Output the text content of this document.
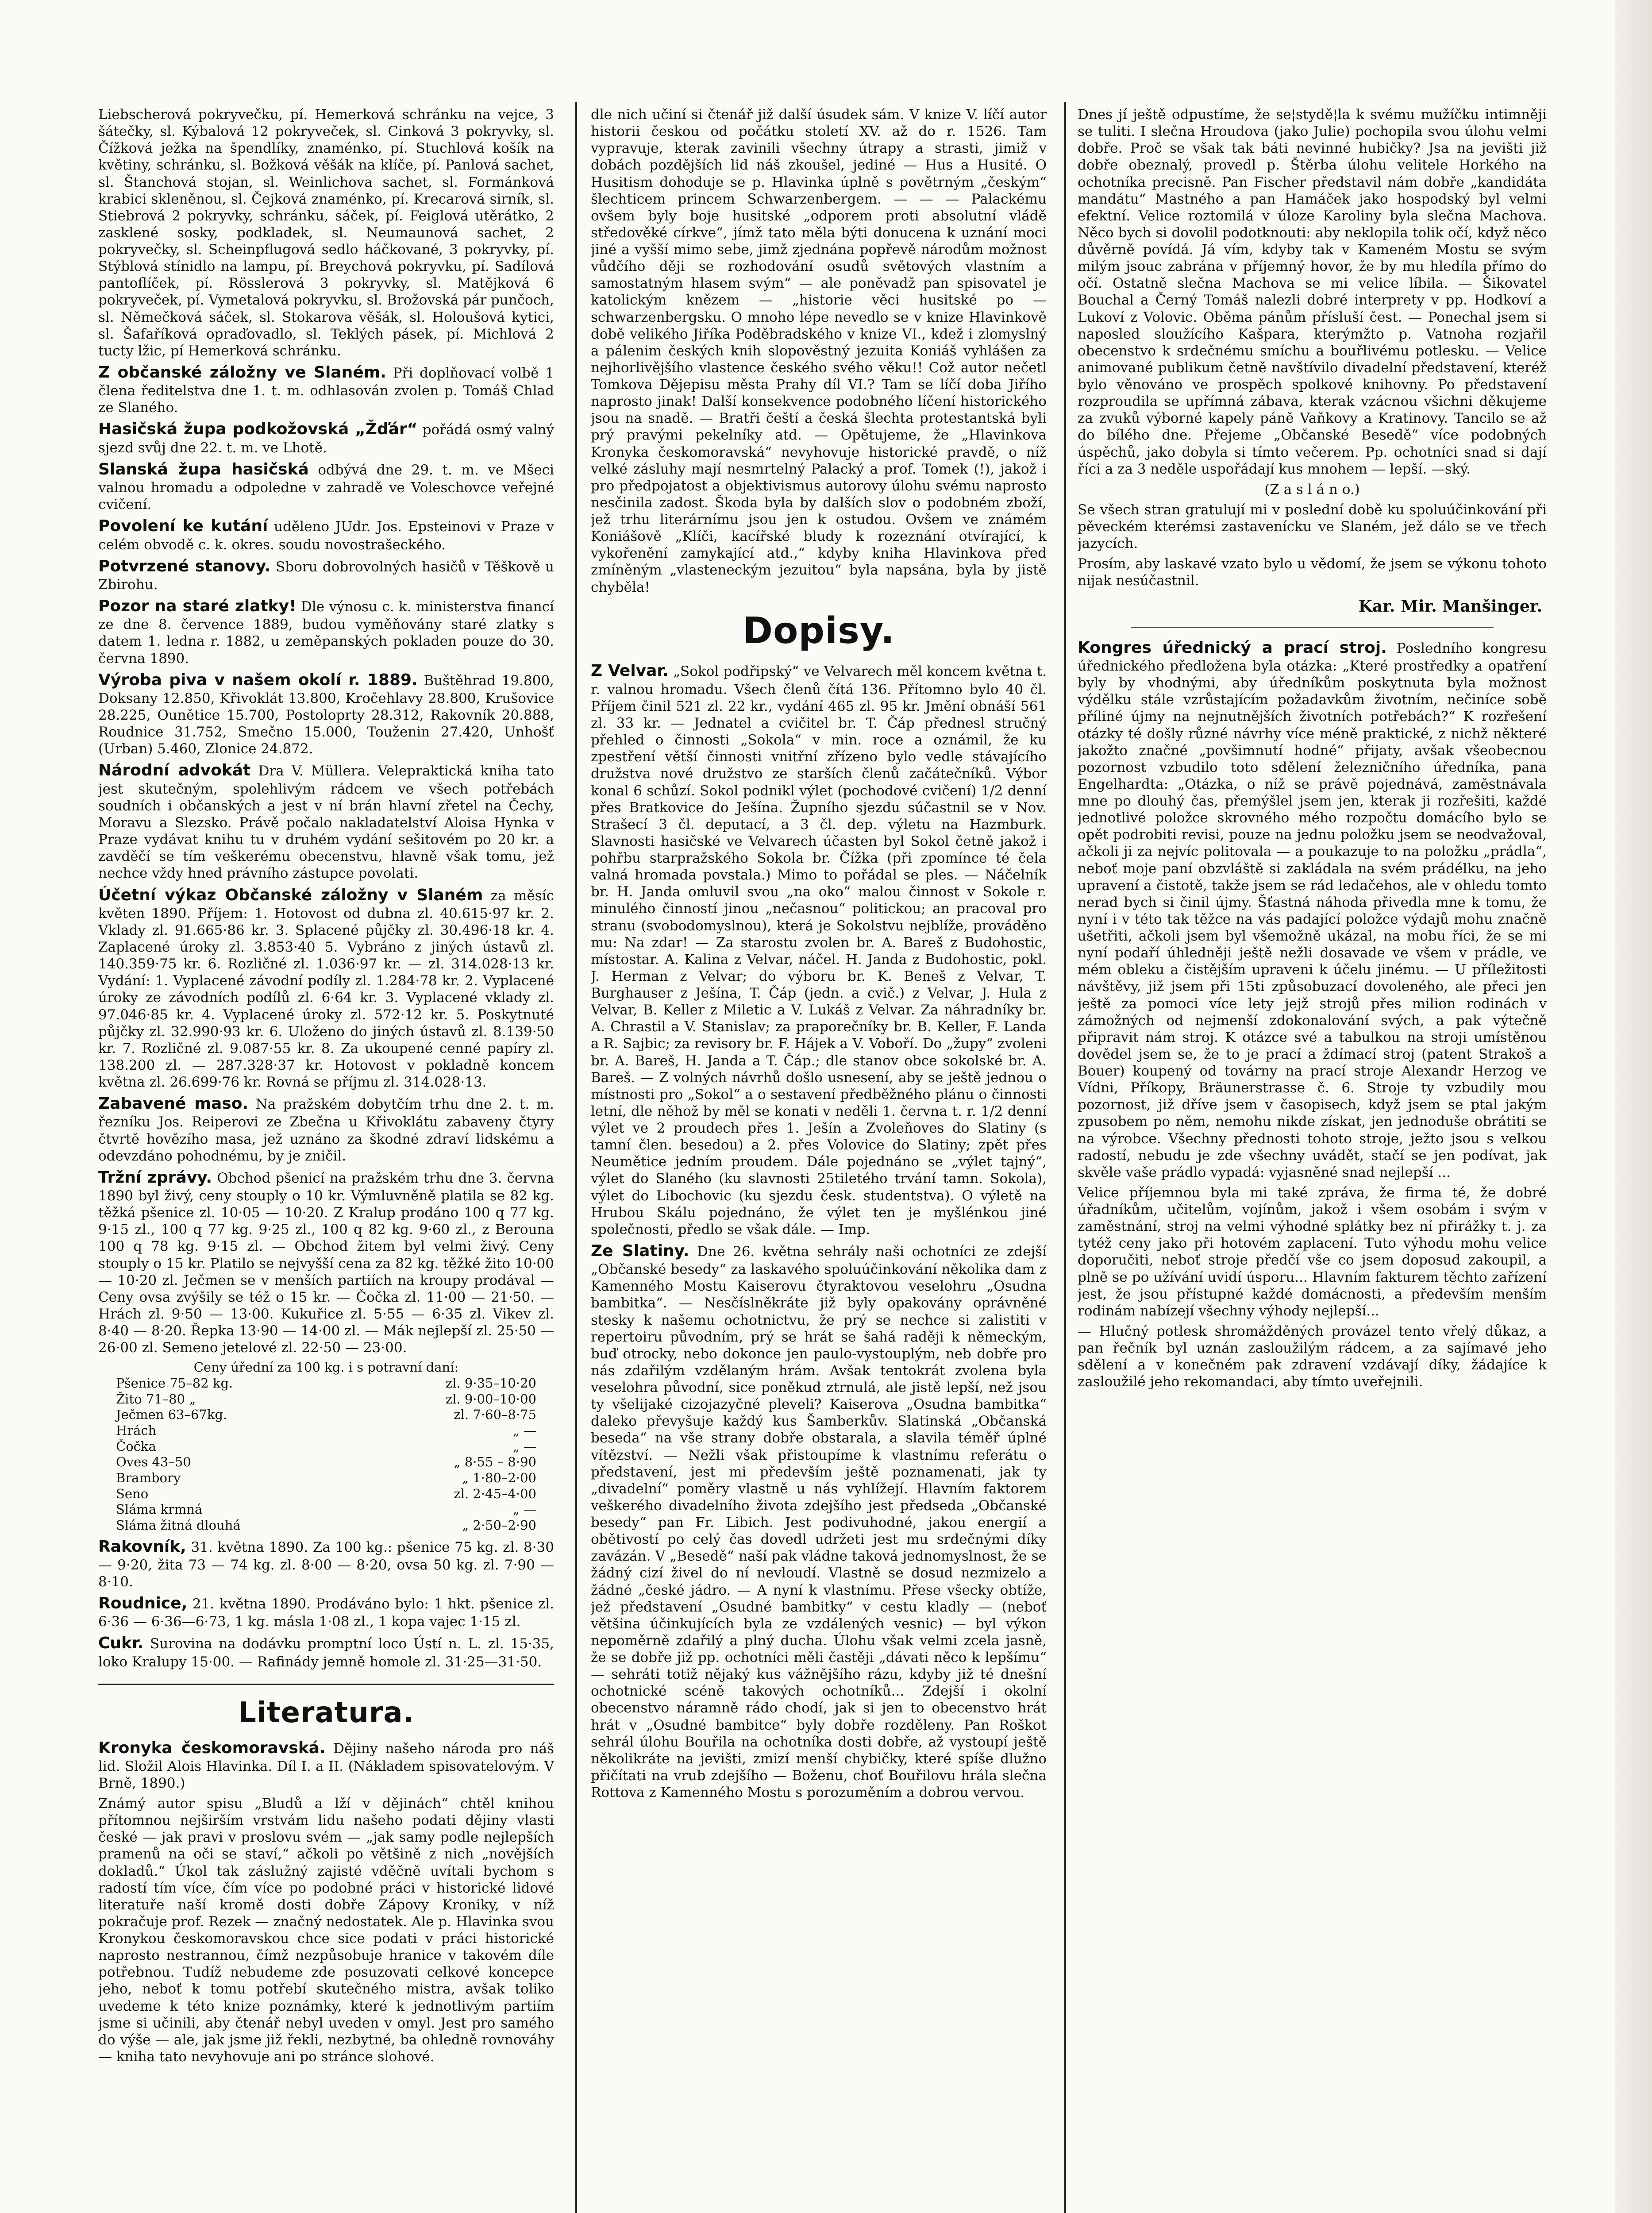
Liebscherová pokryvečku, pí. Hemerková schránku na vejce, 3 šátečky, sl. Kýbalová 12 pokryveček, sl. Cinková 3 pokryvky, sl. Čížková ježka na špendlíky, znaménko, pí. Stuchlová košík na květiny, schránku, sl. Božková věšák na klíče, pí. Panlová sachet, sl. Štanchová stojan, sl. Weinlichova sachet, sl. Formánková krabici skleněnou, sl. Čejková znaménko, pí. Krecarová sirník, sl. Stiebrová 2 pokryvky, schránku, sáček, pí. Feiglová utěrátko, 2 zasklené sosky, podkladek, sl. Neumaunová sachet, 2 pokryvečky, sl. Scheinpflugová sedlo háčkované, 3 pokryvky, pí. Stýblová stínidlo na lampu, pí. Breychová pokryvku, pí. Sadílová pantoflíček, pí. Rösslerová 3 pokryvky, sl. Matějková 6 pokryveček, pí. Vymetalová pokryvku, sl. Brožovská pár punčoch, sl. Němečková sáček, sl. Stokarova věšák, sl. Holoušová kytici, sl. Šafaříková opraďovadlo, sl. Teklých pásek, pí. Michlová 2 tucty lžic, pí Hemerková schránku.

Z občanské záložny ve Slaném. Při doplňovací volbě 1 člena ředitelstva dne 1. t. m. odhlasován zvolen p. Tomáš Chlad ze Slaného.

Hasičská župa podkožovská „Žďár“ pořádá osmý valný sjezd svůj dne 22. t. m. ve Lhotě.

Slanská župa hasičská odbývá dne 29. t. m. ve Mšeci valnou hromadu a odpoledne v zahradě ve Voleschovce veřejné cvičení.

Povolení ke kutání uděleno JUdr. Jos. Epsteinovi v Praze v celém obvodě c. k. okres. soudu novostrašeckého.

Potvrzené stanovy. Sboru dobrovolných hasičů v Těškově u Zbirohu.

Pozor na staré zlatky! Dle výnosu c. k. ministerstva financí ze dne 8. července 1889, budou vyměňovány staré zlatky s datem 1. ledna r. 1882, u zeměpanských pokladen pouze do 30. června 1890.

Výroba piva v našem okolí r. 1889. Buštěhrad 19.800, Doksany 12.850, Křivoklát 13.800, Kročehlavy 28.800, Krušovice 28.225, Ounětice 15.700, Postoloprty 28.312, Rakovník 20.888, Roudnice 31.752, Smečno 15.000, Touženin 27.420, Unhošť (Urban) 5.460, Zlonice 24.872.

Národní advokát Dra V. Müllera. Velepraktická kniha tato jest skutečným, spolehlivým rádcem ve všech potřebách soudních i občanských a jest v ní brán hlavní zřetel na Čechy, Moravu a Slezsko. Právě počalo nakladatelství Aloisa Hynka v Praze vydávat knihu tu v druhém vydání sešitovém po 20 kr. a zavděčí se tím veškerému obecenstvu, hlavně však tomu, jež nechce vždy hned právního zástupce povolati.

Účetní výkaz Občanské záložny v Slaném za měsíc květen 1890. Příjem: 1. Hotovost od dubna zl. 40.615·97 kr. 2. Vklady zl. 91.665·86 kr. 3. Splacené půjčky zl. 30.496·18 kr. 4. Zaplacené úroky zl. 3.853·40 5. Vybráno z jiných ústavů zl. 140.359·75 kr. 6. Rozličné zl. 1.036·97 kr. — zl. 314.028·13 kr. Vydání: 1. Vyplacené závodní podíly zl. 1.284·78 kr. 2. Vyplacené úroky ze závodních podílů zl. 6·64 kr. 3. Vyplacené vklady zl. 97.046·85 kr. 4. Vyplacené úroky zl. 572·12 kr. 5. Poskytnuté půjčky zl. 32.990·93 kr. 6. Uloženo do jiných ústavů zl. 8.139·50 kr. 7. Rozličné zl. 9.087·55 kr. 8. Za ukoupené cenné papíry zl. 138.200 zl. — 287.328·37 kr. Hotovost v pokladně koncem května zl. 26.699·76 kr. Rovná se příjmu zl. 314.028·13.

Zabavené maso. Na pražském dobytčím trhu dne 2. t. m. řezníku Jos. Reiperovi ze Zbečna u Křivoklátu zabaveny čtyry čtvrtě hovězího masa, jež uznáno za škodné zdraví lidskému a odevzdáno pohodnému, by je zničil.

Tržní zprávy. Obchod pšenicí na pražském trhu dne 3. června 1890 byl živý, ceny stouply o 10 kr. Výmluvněně platila se 82 kg. těžká pšenice zl. 10·05 — 10·20. Z Kralup prodáno 100 q 77 kg. 9·15 zl., 100 q 77 kg. 9·25 zl., 100 q 82 kg. 9·60 zl., z Berouna 100 q 78 kg. 9·15 zl. — Obchod žitem byl velmi živý. Ceny stouply o 15 kr. Platilo se nejvyšší cena za 82 kg. těžké žito 10·00 — 10·20 zl. Ječmen se v menších partiích na kroupy prodával — Ceny ovsa zvýšily se též o 15 kr. — Čočka zl. 11·00 — 21·50. — Hrách zl. 9·50 — 13·00. Kukuřice zl. 5·55 — 6·35 zl. Vikev zl. 8·40 — 8·20. Řepka 13·90 — 14·00 zl. — Mák nejlepší zl. 25·50 — 26·00 zl. Semeno jetelové zl. 22·50 — 23·00.

Ceny úřední za 100 kg. i s potravní daní:
Pšenice 75–82 kg.	zl. 9·35–10·20
Žito 71–80 „	zl. 9·00–10·00
Ječmen 63–67kg.	zl. 7·60–8·75
Hrách	„ —
Čočka	„ —
Oves 43–50	„ 8·55 – 8·90
Brambory	„ 1·80–2·00
Seno	zl. 2·45–4·00
Sláma krmná	„ —
Sláma žitná dlouhá	„ 2·50–2·90

Rakovník, 31. května 1890. Za 100 kg.: pšenice 75 kg. zl. 8·30 — 9·20, žita 73 — 74 kg. zl. 8·00 — 8·20, ovsa 50 kg. zl. 7·90 — 8·10.

Roudnice, 21. května 1890. Prodáváno bylo: 1 hkt. pšenice zl. 6·36 — 6·36—6·73, 1 kg. másla 1·08 zl., 1 kopa vajec 1·15 zl.

Cukr. Surovina na dodávku promptní loco Ústí n. L. zl. 15·35, loko Kralupy 15·00. — Rafinády jemně homole zl. 31·25—31·50.

Literatura.

Kronyka českomoravská. Dějiny našeho národa pro náš lid. Složil Alois Hlavinka. Díl I. a II. (Nákladem spisovatelovým. V Brně, 1890.)

Známý autor spisu „Bludů a lží v dějinách“ chtěl knihou přítomnou nejširším vrstvám lidu našeho podati dějiny vlasti české — jak pravi v proslovu svém — „jak samy podle nejlepších pramenů na oči se staví,“ ačkoli po většině z nich „novějších dokladů.“ Úkol tak záslužný zajisté vděčně uvítali bychom s radostí tím více, čím více po podobné práci v historické lidové literatuře naší kromě dosti dobře Zápovy Kroniky, v níž pokračuje prof. Rezek — značný nedostatek. Ale p. Hlavinka svou Kronykou českomoravskou chce sice podati v práci historické naprosto nestrannou, čímž nezpůsobuje hranice v takovém díle potřebnou. Tudíž nebudeme zde posuzovati celkové koncepce jeho, neboť k tomu potřebí skutečného mistra, avšak toliko uvedeme k této knize poznámky, které k jednotlivým partiím jsme si učinili, aby čtenář nebyl uveden v omyl. Jest pro samého do výše — ale, jak jsme již řekli, nezbytné, ba ohledně rovnováhy — kniha tato nevyhovuje ani po stránce slohové.

dle nich učiní si čtenář již další úsudek sám. V knize V. líčí autor historii českou od počátku století XV. až do r. 1526. Tam vypravuje, kterak zavinili všechny útrapy a strasti, jimiž v dobách pozdějších lid náš zkoušel, jediné — Hus a Husité. O Husitism dohoduje se p. Hlavinka úplně s povětrným „českým“ šlechticem princem Schwarzenbergem. — — — Palackému ovšem byly boje husitské „odporem proti absolutní vládě středověké církve“, jímž tato měla býti donucena k uznání moci jiné a vyšší mimo sebe, jimž zjednána popřevě národům možnost vůdčího ději se rozhodování osudů světových vlastním a samostatným hlasem svým“ — ale poněvadž pan spisovatel je katolickým knězem — „historie věci husitské po — schwarzenbergsku. O mnoho lépe nevedlo se v knize Hlavinkově době velikého Jiříka Poděbradského v knize VI., kdež i zlomyslný a pálenim českých knih slopověstný jezuita Koniáš vyhlášen za nejhorlivějšího vlastence českého svého věku!! Což autor nečetl Tomkova Dějepisu města Prahy díl VI.? Tam se líčí doba Jiřího naprosto jinak! Další konsekvence podobného líčení historického jsou na snadě. — Bratři čeští a česká šlechta protestantská byli prý pravými pekelníky atd. — Opětujeme, že „Hlavinkova Kronyka českomoravská“ nevyhovuje historické pravdě, o níž velké zásluhy mají nesmrtelný Palacký a prof. Tomek (!), jakož i pro předpojatost a objektivismus autorovy úlohu svému naprosto nesčinila zadost. Škoda byla by dalších slov o podobném zboží, jež trhu literárnímu jsou jen k ostudou. Ovšem ve známém Koniášově „Klíči, kacířské bludy k rozeznání otvírající, k vykořenění zamykající atd.,“ kdyby kniha Hlavinkova před zmíněným „vlasteneckým jezuitou“ byla napsána, byla by jistě chyběla!

Dopisy.

Z Velvar. „Sokol podřipský“ ve Velvarech měl koncem května t. r. valnou hromadu. Všech členů čítá 136. Přítomno bylo 40 čl. Příjem činil 521 zl. 22 kr., vydání 465 zl. 95 kr. Jmění obnáší 561 zl. 33 kr. — Jednatel a cvičitel br. T. Čáp přednesl stručný přehled o činnosti „Sokola“ v min. roce a oznámil, že ku zpestření větší činnosti vnitřní zřízeno bylo vedle stávajícího družstva nové družstvo ze starších členů začátečníků. Výbor konal 6 schůzí. Sokol podnikl výlet (pochodové cvičení) 1/2 denní přes Bratkovice do Ješína. Župního sjezdu súčastnil se v Nov. Strašecí 3 čl. deputací, a 3 čl. dep. výletu na Hazmburk. Slavnosti hasičské ve Velvarech účasten byl Sokol četně jakož i pohřbu starpražského Sokola br. Čížka (při zpomínce té čela valná hromada povstala.) Mimo to pořádal se ples. — Náčelník br. H. Janda omluvil svou „na oko“ malou činnost v Sokole r. minulého činností jinou „nečasnou“ politickou; an pracoval pro stranu (svobodomyslnou), která je Sokolstvu nejblíže, prováděno mu: Na zdar! — Za starostu zvolen br. A. Bareš z Budohostic, místostar. A. Kalina z Velvar, náčel. H. Janda z Budohostic, pokl. J. Herman z Velvar; do výboru br. K. Beneš z Velvar, T. Burghauser z Ješína, T. Čáp (jedn. a cvič.) z Velvar, J. Hula z Velvar, B. Keller z Miletic a V. Lukáš z Velvar. Za náhradníky br. A. Chrastil a V. Stanislav; za praporečníky br. B. Keller, F. Landa a R. Sajbic; za revisory br. F. Hájek a V. Voboří. Do „župy“ zvoleni br. A. Bareš, H. Janda a T. Čáp.; dle stanov obce sokolské br. A. Bareš. — Z volných návrhů došlo usnesení, aby se ještě jednou o místnosti pro „Sokol“ a o sestavení předběžného plánu o činnosti letní, dle něhož by měl se konati v neděli 1. června t. r. 1/2 denní výlet ve 2 proudech přes 1. Ješín a Zvoleňoves do Slatiny (s tamní člen. besedou) a 2. přes Volovice do Slatiny; zpět přes Neumětice jedním proudem. Dále pojednáno se „výlet tajný“, výlet do Slaného (ku slavnosti 25tiletého trvání tamn. Sokola), výlet do Libochovic (ku sjezdu česk. studentstva). O výletě na Hrubou Skálu pojednáno, že výlet ten je myšlénkou jiné společnosti, předlo se však dále. — Imp.

Ze Slatiny. Dne 26. května sehrály naši ochotníci ze zdejší „Občanské besedy“ za laskavého spoluúčinkování několika dam z Kamenného Mostu Kaiserovu čtyraktovou veselohru „Osudna bambitka“. — Nesčíslněkráte již byly opakovány oprávněné stesky k našemu ochotnictvu, že prý se nechce si zalistiti v repertoiru původním, prý se hrát se šahá raději k německým, buď otrocky, nebo dokonce jen paulo-vystouplým, neb dobře pro nás zdařilým vzdělaným hrám. Avšak tentokrát zvolena byla veselohra původní, sice poněkud ztrnulá, ale jistě lepší, než jsou ty všelijaké cizojazyčné pleveli? Kaiserova „Osudna bambitka“ daleko převyšuje každý kus Šamberkův. Slatinská „Občanská beseda“ na vše strany dobře obstarala, a slavila téměř úplné vítězství. — Nežli však přistoupíme k vlastnímu referátu o představení, jest mi především ještě poznamenati, jak ty „divadelní“ poměry vlastně u nás vyhlížejí. Hlavním faktorem veškerého divadelního života zdejšího jest předseda „Občanské besedy“ pan Fr. Libich. Jest podivuhodné, jakou energií a obětivostí po celý čas dovedl udržeti jest mu srdečnými díky zavázán. V „Besedě“ naší pak vládne taková jednomyslnost, že se žádný cizí živel do ní nevloudí. Vlastně se dosud nezmizelo a žádné „české jádro. — A nyní k vlastnímu. Přese všecky obtíže, jež představení „Osudné bambitky“ v cestu kladly — (neboť většina účinkujících byla ze vzdálených vesnic) — byl výkon nepoměrně zdařilý a plný ducha. Úlohu však velmi zcela jasně, že se dobře již pp. ochotníci měli častěji „dávati něco k lepšímu“ — sehráti totiž nějaký kus vážnějšího rázu, kdyby již té dnešní ochotnické scéně takových ochotníků... Zdejší i okolní obecenstvo náramně rádo chodí, jak si jen to obecenstvo hrát hrát v „Osudné bambitce“ byly dobře rozděleny. Pan Roškot sehrál úlohu Bouřila na ochotníka dosti dobře, až vystoupí ještě několikráte na jevišti, zmizí menší chybičky, které spíše dlužno přičítati na vrub zdejšího — Boženu, choť Bouřilovu hrála slečna Rottova z Kamenného Mostu s porozuměním a dobrou vervou.

Dnes jí ještě odpustíme, že se¦stydě¦la k svému mužíčku intimněji se tuliti. I slečna Hroudova (jako Julie) pochopila svou úlohu velmi dobře. Proč se však tak báti nevinné hubičky? Jsa na jevišti již dobře obeznalý, provedl p. Štěrba úlohu velitele Horkého na ochotníka precisně. Pan Fischer představil nám dobře „kandidáta mandátu“ Mastného a pan Hamáček jako hospodský byl velmi efektní. Velice roztomilá v úloze Karoliny byla slečna Machova. Něco bych si dovolil podotknouti: aby neklopila tolik očí, když něco důvěrně povídá. Já vím, kdyby tak v Kameném Mostu se svým milým jsouc zabrána v příjemný hovor, že by mu hledíla přímo do očí. Ostatně slečna Machova se mi velice líbila. — Šikovatel Bouchal a Černý Tomáš nalezli dobré interprety v pp. Hodkoví a Lukoví z Volovic. Oběma pánům přísluší čest. — Ponechal jsem si naposled sloužícího Kašpara, kterýmžto p. Vatnoha rozjařil obecenstvo k srdečnému smíchu a bouřlivému potlesku. — Velice animované publikum četně navštívilo divadelní představení, kteréž bylo věnováno ve prospěch spolkové knihovny. Po představení rozproudila se upřímná zábava, kterak vzácnou všichni děkujeme za zvuků výborné kapely páně Vaňkovy a Kratinovy. Tancilo se až do bílého dne. Přejeme „Občanské Besedě“ více podobných úspěchů, jako dobyla si tímto večerem. Pp. ochotníci snad si dají říci a za 3 neděle uspořádají kus mnohem — lepší. —ský.

(Z a s l á n o.)

Se všech stran gratulují mi v poslední době ku spoluúčinkování při pěveckém kterémsi zastavenícku ve Slaném, jež dálo se ve třech jazycích.

Prosím, aby laskavé vzato bylo u vědomí, že jsem se výkonu tohoto nijak nesúčastnil.

Kar. Mir. Manšinger.

Kongres úřednický a prací stroj. Posledního kongresu úřednického předložena byla otázka: „Které prostředky a opatření byly by vhodnými, aby úředníkům poskytnuta byla možnost výdělku stále vzrůstajícím požadavkům životním, nečiníce sobě příliné újmy na nejnutnějších životních potřebách?“ K rozřešení otázky té došly různé návrhy více méně praktické, z nichž některé jakožto značné „povšimnutí hodné“ přijaty, avšak všeobecnou pozornost vzbudilo toto sdělení železničního úředníka, pana Engelhardta: „Otázka, o níž se právě pojednává, zaměstnávala mne po dlouhý čas, přemýšlel jsem jen, kterak ji rozřešiti, každé jednotlivé položce skrovného mého rozpočtu domácího bylo se opět podrobiti revisi, pouze na jednu položku jsem se neodvažoval, ačkoli ji za nejvíc politovala — a poukazuje to na položku „prádla“, neboť moje paní obzvláště si zakládala na svém prádélku, na jeho upravení a čistotě, takže jsem se rád ledačehos, ale v ohledu tomto nerad bych si činil újmy. Šťastná náhoda přivedla mne k tomu, že nyní i v této tak těžce na vás padající položce výdajů mohu značně ušetřiti, ačkoli jsem byl všemožně ukázal, na mobu říci, že se mi nyní podaří úhledněji ještě nežli dosavade ve všem v prádle, ve mém obleku a čistějším upraveni k účelu jinému. — U příležitosti návštěvy, již jsem při 15ti způsobuzací dovoleného, ale přeci jen ještě za pomoci více lety jejž strojů přes milion rodinách v zámožných od nejmenší zdokonalování svých, a pak výtečně připravit nám stroj. K otázce své a tabulkou na stroji umístěnou dovědel jsem se, že to je prací a ždímací stroj (patent Strakoš a Bouer) koupený od továrny na prací stroje Alexandr Herzog ve Vídni, Příkopy, Bräunerstrasse č. 6. Stroje ty vzbudily mou pozornost, již dříve jsem v časopisech, když jsem se ptal jakým zpusobem po něm, nemohu nikde získat, jen jednoduše obrátiti se na výrobce. Všechny přednosti tohoto stroje, ježto jsou s velkou radostí, nebudu je zde všechny uvádět, stačí se jen podívat, jak skvěle vaše prádlo vypadá: vyjasněné snad nejlepší ...

Velice příjemnou byla mi také zpráva, že firma té, že dobré úřadníkům, učitelům, vojínům, jakož i všem osobám i svým v zaměstnání, stroj na velmi výhodné splátky bez ní přirážky t. j. za tytéž ceny jako při hotovém zaplacení. Tuto výhodu mohu velice doporučiti, neboť stroje předčí vše co jsem doposud zakoupil, a plně se po užívání uvidí úsporu... Hlavním fakturem těchto zařízení jest, že jsou přístupné každé domácnosti, a především menším rodinám nabízejí všechny výhody nejlepší...

— Hlučný potlesk shromážděných provázel tento vřelý důkaz, a pan řečník byl uznán zasloužilým rádcem, a za sajímavé jeho sdělení a v konečném pak zdravení vzdávají díky, žádajíce k zasloužilé jeho rekomandaci, aby tímto uveřejnili.
